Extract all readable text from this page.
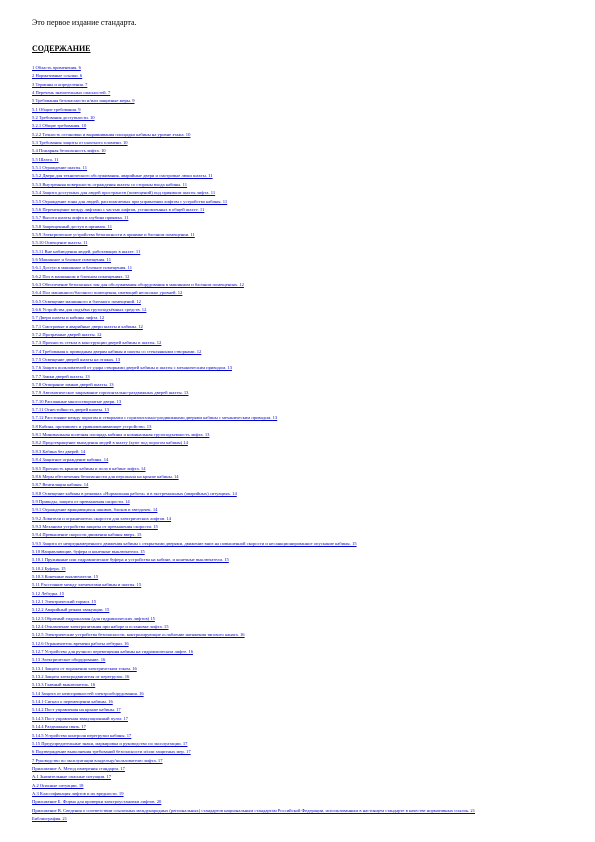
Это первое издание стандарта.
СОДЕРЖАНИЕ
1 Область применения. 6
2 Нормативные ссылки. 6
3 Термины и определения. 7
4 Перечень значительных опасностей. 7
5 Требования безопасности и/или защитные меры. 9
5.1 Общие требования. 9
5.2 Требования доступности. 10
5.2.1 Общие требования. 10
5.2.2 Точность остановки и выравнивания площадки кабины на уровне этажа. 10
5.3 Требования защиты от шахтного пламени. 10
5.4 Пожарная безопасность лифта. 10
5.5 Шахта. 11
5.5.1 Ограждение шахты. 11
5.5.2 Двери для технического обслуживания, аварийные двери и смотровые люки шахты. 11
5.5.3 Внутренняя поверхность ограждения шахты со стороны входа кабины. 11
5.5.4 Защита доступных для людей пространств (помещений) под приямком шахты лифта. 11
5.5.5 Ограждение зоны для людей, располагаемых при управлении лифтом с устройства кабины. 11
5.5.6 Перемещение между лифтами с частью лифтов, установленных в общей шахте. 11
5.5.7 Высота шахты лифта и глубина приямка. 11
5.5.8 Запрещенный доступ в приямок. 11
5.5.9 Электрические устройства безопасности в приямке и блочном помещении. 11
5.5.10 Освещение шахты. 11
5.5.11 Вне наблюдения людей, работающих в шахте. 11
5.6 Машинное и блочное помещения. 11
5.6.1 Доступ в машинное и блочное помещения. 11
5.6.2 Пол в машинном и блочном помещениях. 12
5.6.3 Обеспечение безопасных зон для обслуживания оборудования в машинном и блочном помещениях. 12
5.6.4 Пол машинного/блочного помещения, имеющий несколько уровней. 12
5.6.5 Освещение машинного и блочного помещений. 12
5.6.6 Устройства для подъёма грузоподъёмных средств. 12
5.7 Двери шахты и кабины лифта. 12
5.7.1 Смотровые и аварийные двери шахты и кабины. 12
5.7.2 Прозрачные дверей шахты. 12
5.7.3 Прочность стекла в конструкции дверей кабины и шахты. 12
5.7.4 Требования к приводным дверям кабины и шахты со стеклянными створками. 12
5.7.5 Освещение дверей шахты на этажах. 13
5.7.6 Защита пользователей от удара створками дверей кабины и шахты с механическим приводом. 13
5.7.7 Замки дверей шахты. 13
5.7.8 Отпирание замков дверей шахты. 13
5.7.9 Автоматическое закрывание горизонтально-раздвижных дверей шахты. 13
5.7.10 Распашные многостворчатые двери. 13
5.7.11 Огнестойкость дверей шахты. 13
5.7.12 Расстояние между порогом и створками с горизонтально-раздвижными дверями кабины с механическим приводом. 13
5.8 Кабина, противовес и уравновешивающее устройство. 13
5.8.1 Минимальная полезная площадь кабины и номинальная грузоподъемность лифта. 13
5.8.2 Предотвращение выпадения людей в шахту (купе под порогом кабины) 14
5.8.3 Кабина без дверей. 14
5.8.4 Защитное ограждение кабины. 14
5.8.5 Прочность крыши кабины и пола в кабине лифта. 14
5.8.6 Меры обеспечения безопасности для персонала на крыше кабины. 14
5.8.7 Вентиляция кабины. 14
5.8.8 Освещение кабины в режимах «Нормальная работа» и в экстремальных (аварийных) ситуациях. 14
5.9 Приводы, защита от превышения скорости. 14
5.9.1 Ограждение вращающихся шкивов, блоков и звездочек. 14
5.9.2 Ловители и ограничитель скорости для электрических лифтов. 14
5.9.3 Механизм устройства защиты от превышения скорости. 15
5.9.4 Превышение скорости движения кабины вверх. 15
5.9.5 Защита от непреднамеренного движения кабины с открытыми дверями, движение вниз на повышенной скорости и несанкционированное опускание кабины. 15
5.10 Направляющие, буфера и конечные выключатели. 15
5.10.1 Пружинные или гидравлические буфера и устройства на кабине, и конечные выключатели. 15
5.10.2 Буфера. 15
5.10.3 Конечные выключатели. 15
5.11 Расстояние между элементами кабины и шахты. 15
5.12 Лебедка. 15
5.12.1 Электрический тормоз. 15
5.12.2 Аварийный режим эвакуации. 15
5.12.3 Обратный гидроклапан (для гидравлических лифтов) 15
5.12.4 Отключение электропитания при наборе и остановке лифта. 15
5.12.5 Электрические устройства безопасности, контролирующие ослабление натяжения тягового каната. 16
5.12.6 Ограничитель времени работы лебедки. 16
5.12.7 Устройство для ручного перемещения кабины на гидравлическом лифте. 16
5.13 Электрическое оборудование. 16
5.13.1 Защита от поражения электрическим током. 16
5.13.2 Защита электродвигателя от перегрузок. 16
5.13.3 Главный выключатель. 16
5.14 Защита от неисправностей электрооборудования. 16
5.14.1 Сигнал о перемещении кабины. 16
5.14.2 Пост управления на крыше кабины. 17
5.14.3 Пост управления эвакуационный пульт. 17
5.14.4 Раздвижная связь. 17
5.14.5 Устройство контроля перегрузки кабины. 17
5.15 Предупредительные знаки, маркировка и руководство по эксплуатации. 17
6 Подтверждение выполнения требований безопасности и/или защитных мер. 17
7 Руководство по эксплуатации владельцу/пользователю лифта. 17
Приложение А. Метод измерения стандарта. 17
А.1 Значительные опасные ситуации. 17
А.2 Опасные ситуации. 18
А.3 Классификация лифтов и их вредности. 19
Приложение Б. Форма для проверки электроустановки лифтов. 20
Приложение В. Сведения о соответствии ссылочных международных (региональных) стандартов национальным стандартам Российской Федерации, использованным в настоящем стандарте в качестве нормативных ссылок. 21
Библиография. 21
